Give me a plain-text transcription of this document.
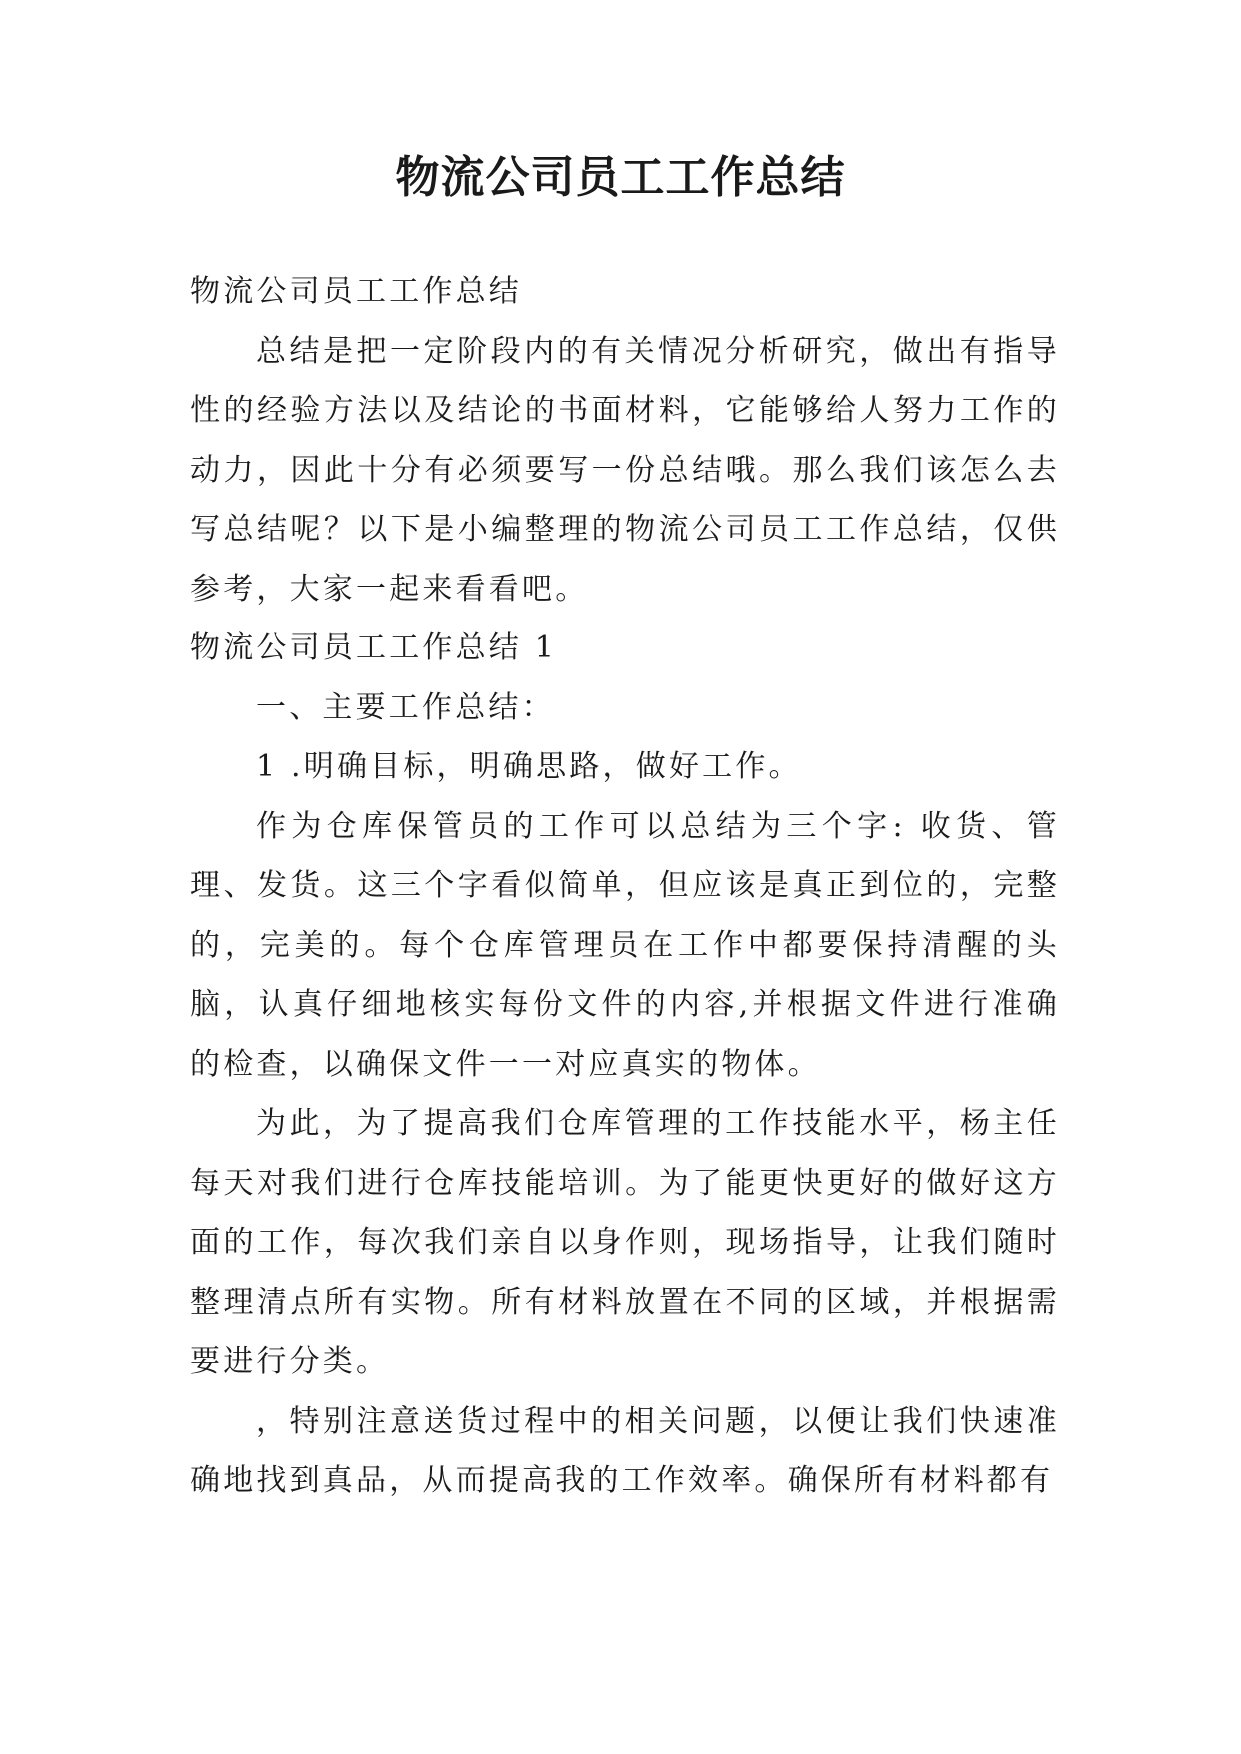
物流公司员工工作总结

物流公司员工工作总结

总结是把一定阶段内的有关情况分析研究，做出有指导性的经验方法以及结论的书面材料，它能够给人努力工作的动力，因此十分有必须要写一份总结哦。那么我们该怎么去写总结呢？以下是小编整理的物流公司员工工作总结，仅供参考，大家一起来看看吧。

物流公司员工工作总结 1

一、主要工作总结：

1 .明确目标，明确思路，做好工作。

作为仓库保管员的工作可以总结为三个字: 收货、管理、发货。这三个字看似简单，但应该是真正到位的，完整的，完美的。每个仓库管理员在工作中都要保持清醒的头脑，认真仔细地核实每份文件的内容,并根据文件进行准确的检查，以确保文件一一对应真实的物体。

为此，为了提高我们仓库管理的工作技能水平，杨主任每天对我们进行仓库技能培训。为了能更快更好的做好这方面的工作，每次我们亲自以身作则，现场指导，让我们随时整理清点所有实物。所有材料放置在不同的区域，并根据需要进行分类。

，特别注意送货过程中的相关问题，以便让我们快速准确地找到真品，从而提高我的工作效率。确保所有材料都有
